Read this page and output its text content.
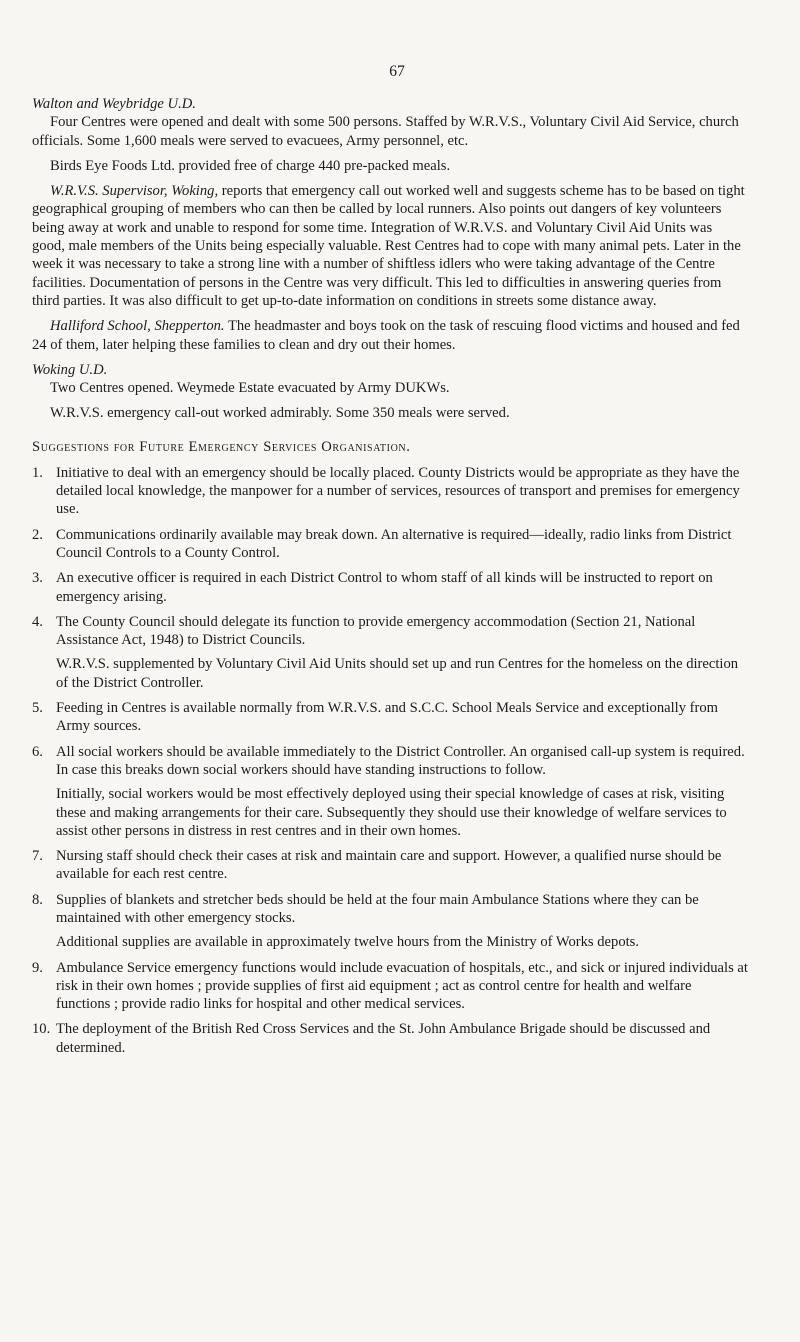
67

Walton and Weybridge U.D.

Four Centres were opened and dealt with some 500 persons. Staffed by W.R.V.S., Voluntary Civil Aid Service, church officials. Some 1,600 meals were served to evacuees, Army personnel, etc.

Birds Eye Foods Ltd. provided free of charge 440 pre-packed meals.

W.R.V.S. Supervisor, Woking, reports that emergency call out worked well and suggests scheme has to be based on tight geographical grouping of members who can then be called by local runners. Also points out dangers of key volunteers being away at work and unable to respond for some time. Integration of W.R.V.S. and Voluntary Civil Aid Units was good, male members of the Units being especially valuable. Rest Centres had to cope with many animal pets. Later in the week it was necessary to take a strong line with a number of shiftless idlers who were taking advantage of the Centre facilities. Documentation of persons in the Centre was very difficult. This led to difficulties in answering queries from third parties. It was also difficult to get up-to-date information on conditions in streets some distance away.

Halliford School, Shepperton. The headmaster and boys took on the task of rescuing flood victims and housed and fed 24 of them, later helping these families to clean and dry out their homes.

Woking U.D.

Two Centres opened. Weymede Estate evacuated by Army DUKWs.

W.R.V.S. emergency call-out worked admirably. Some 350 meals were served.

Suggestions for Future Emergency Services Organisation.
1. Initiative to deal with an emergency should be locally placed. County Districts would be appropriate as they have the detailed local knowledge, the manpower for a number of services, resources of transport and premises for emergency use.

2. Communications ordinarily available may break down. An alternative is required—ideally, radio links from District Council Controls to a County Control.

3. An executive officer is required in each District Control to whom staff of all kinds will be instructed to report on emergency arising.

4. The County Council should delegate its function to provide emergency accommodation (Section 21, National Assistance Act, 1948) to District Councils.

W.R.V.S. supplemented by Voluntary Civil Aid Units should set up and run Centres for the homeless on the direction of the District Controller.

5. Feeding in Centres is available normally from W.R.V.S. and S.C.C. School Meals Service and exceptionally from Army sources.

6. All social workers should be available immediately to the District Controller. An organised call-up system is required. In case this breaks down social workers should have standing instructions to follow.

Initially, social workers would be most effectively deployed using their special knowledge of cases at risk, visiting these and making arrangements for their care. Subsequently they should use their knowledge of welfare services to assist other persons in distress in rest centres and in their own homes.

7. Nursing staff should check their cases at risk and maintain care and support. However, a qualified nurse should be available for each rest centre.

8. Supplies of blankets and stretcher beds should be held at the four main Ambulance Stations where they can be maintained with other emergency stocks.

Additional supplies are available in approximately twelve hours from the Ministry of Works depots.

9. Ambulance Service emergency functions would include evacuation of hospitals, etc., and sick or injured individuals at risk in their own homes ; provide supplies of first aid equipment ; act as control centre for health and welfare functions ; provide radio links for hospital and other medical services.

10. The deployment of the British Red Cross Services and the St. John Ambulance Brigade should be discussed and determined.
